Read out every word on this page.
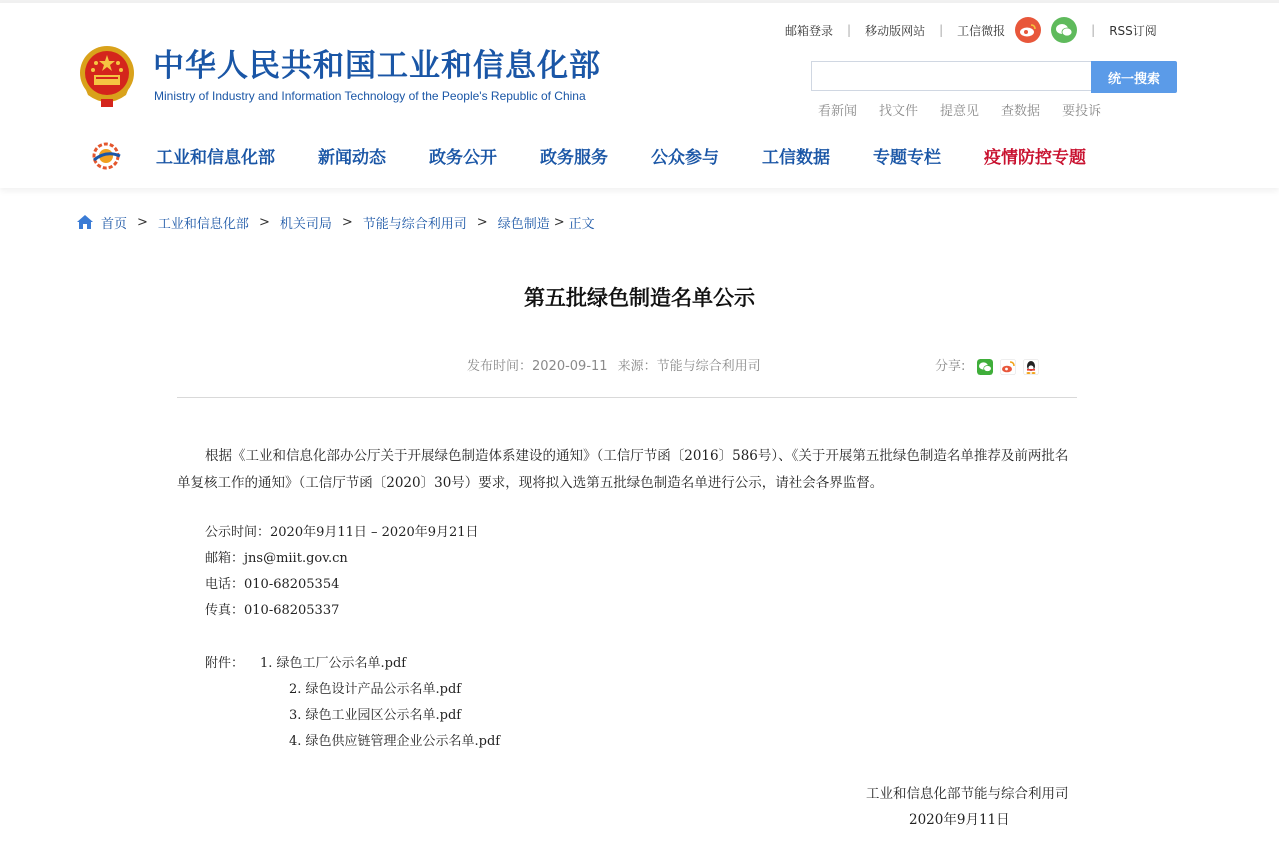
中华人民共和国工业和信息化部
Ministry of Industry and Information Technology of the People's Republic of China
邮箱登录 | 移动版网站 | 工信微报	| RSS订阅
统一搜索
看新闻 找文件 提意见 查数据 要投诉
工业和信息化部	新闻动态	政务公开	政务服务	公众参与	工信数据	专题专栏	疫情防控专题
首页 > 工业和信息化部 > 机关司局 > 节能与综合利用司 > 绿色制造 > 正文
第五批绿色制造名单公示
发布时间：2020-09-11 来源：节能与综合利用司	分享:
根据《工业和信息化部办公厅关于开展绿色制造体系建设的通知》（工信厅节函〔2016〕586号）、《关于开展第五批绿色制造名单推荐及前两批名单复核工作的通知》（工信厅节函〔2020〕30号）要求，现将拟入选第五批绿色制造名单进行公示，请社会各界监督。
公示时间：2020年9月11日 – 2020年9月21日
邮箱：jns@miit.gov.cn
电话：010-68205354
传真：010-68205337
附件： 1. 绿色工厂公示名单.pdf
2. 绿色设计产品公示名单.pdf
3. 绿色工业园区公示名单.pdf
4. 绿色供应链管理企业公示名单.pdf
工业和信息化部节能与综合利用司
2020年9月11日
